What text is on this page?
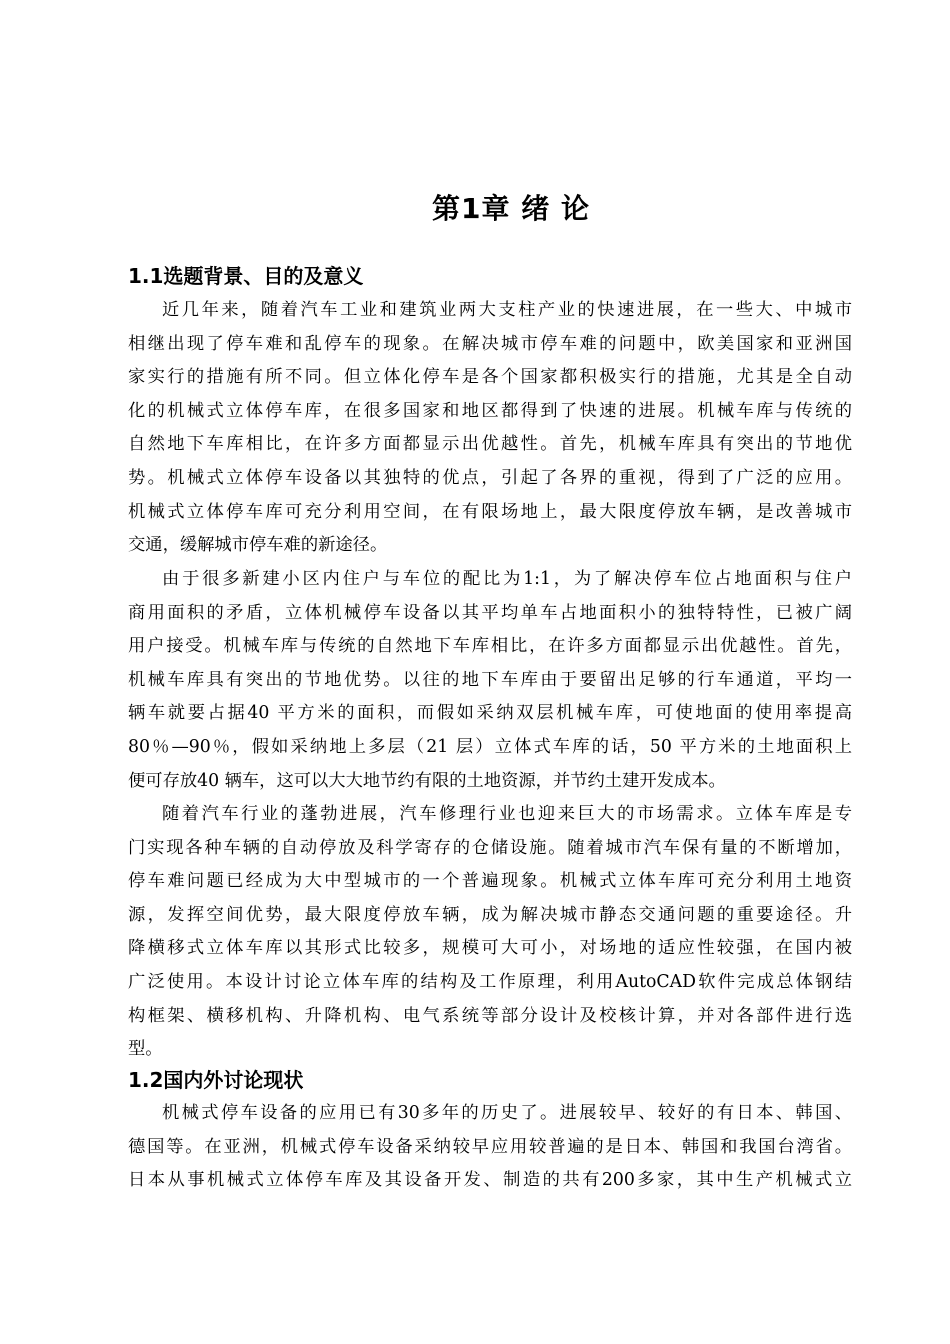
第1章 绪 论
1.1选题背景、目的及意义
近几年来，随着汽车工业和建筑业两大支柱产业的快速进展，在一些大、中城市
相继出现了停车难和乱停车的现象。在解决城市停车难的问题中，欧美国家和亚洲国
家实行的措施有所不同。但立体化停车是各个国家都积极实行的措施，尤其是全自动
化的机械式立体停车库，在很多国家和地区都得到了快速的进展。机械车库与传统的
自然地下车库相比，在许多方面都显示出优越性。首先，机械车库具有突出的节地优
势。机械式立体停车设备以其独特的优点，引起了各界的重视，得到了广泛的应用。
机械式立体停车库可充分利用空间，在有限场地上，最大限度停放车辆，是改善城市
交通，缓解城市停车难的新途径。
由于很多新建小区内住户与车位的配比为1:1，为了解决停车位占地面积与住户
商用面积的矛盾，立体机械停车设备以其平均单车占地面积小的独特特性，已被广阔
用户接受。机械车库与传统的自然地下车库相比，在许多方面都显示出优越性。首先，
机械车库具有突出的节地优势。以往的地下车库由于要留出足够的行车通道，平均一
辆车就要占据40 平方米的面积，而假如采纳双层机械车库，可使地面的使用率提高
80％—90％，假如采纳地上多层（21 层）立体式车库的话，50 平方米的土地面积上
便可存放40 辆车，这可以大大地节约有限的土地资源，并节约土建开发成本。
随着汽车行业的蓬勃进展，汽车修理行业也迎来巨大的市场需求。立体车库是专
门实现各种车辆的自动停放及科学寄存的仓储设施。随着城市汽车保有量的不断增加，
停车难问题已经成为大中型城市的一个普遍现象。机械式立体车库可充分利用土地资
源，发挥空间优势，最大限度停放车辆，成为解决城市静态交通问题的重要途径。升
降横移式立体车库以其形式比较多，规模可大可小，对场地的适应性较强，在国内被
广泛使用。本设计讨论立体车库的结构及工作原理，利用AutoCAD软件完成总体钢结
构框架、横移机构、升降机构、电气系统等部分设计及校核计算，并对各部件进行选
型。
1.2国内外讨论现状
机械式停车设备的应用已有30多年的历史了。进展较早、较好的有日本、韩国、
德国等。在亚洲，机械式停车设备采纳较早应用较普遍的是日本、韩国和我国台湾省。
日本从事机械式立体停车库及其设备开发、制造的共有200多家，其中生产机械式立
